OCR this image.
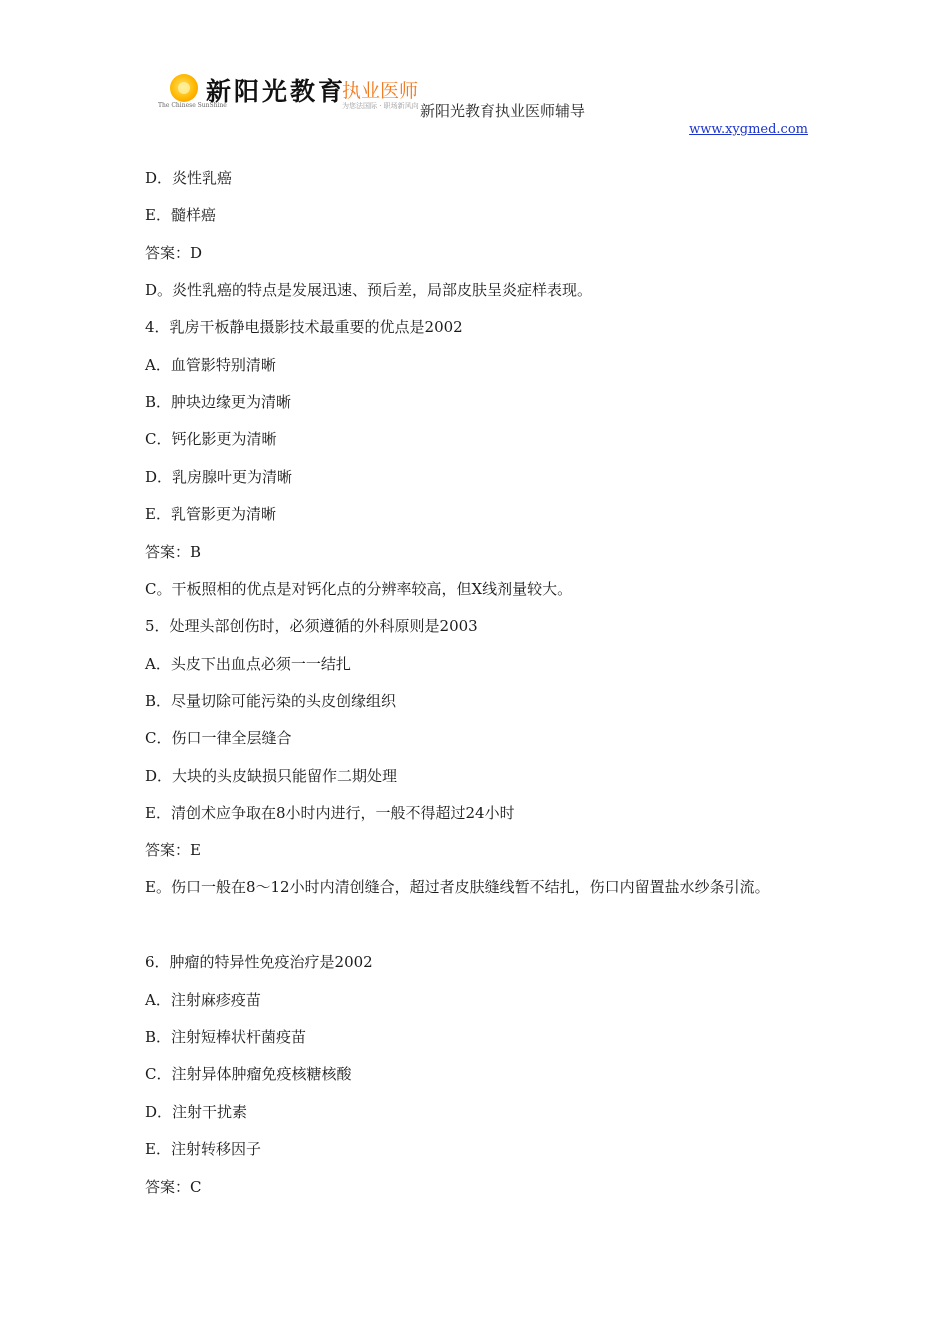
新阳光教育
The Chinese SunShine
执业医师
为您法国际 · 职场新风向 新阳光教育执业医师辅导
www.xygmed.com
D．炎性乳癌
E．髓样癌
答案：D
D。炎性乳癌的特点是发展迅速、预后差，局部皮肤呈炎症样表现。
4．乳房干板静电摄影技术最重要的优点是2002
A．血管影特别清晰
B．肿块边缘更为清晰
C．钙化影更为清晰
D．乳房腺叶更为清晰
E．乳管影更为清晰
答案：B
C。干板照相的优点是对钙化点的分辨率较高，但X线剂量较大。
5．处理头部创伤时，必须遵循的外科原则是2003
A．头皮下出血点必须一一结扎
B．尽量切除可能污染的头皮创缘组织
C．伤口一律全层缝合
D．大块的头皮缺损只能留作二期处理
E．清创术应争取在8小时内进行，一般不得超过24小时
答案：E
E。伤口一般在8～12小时内清创缝合，超过者皮肤缝线暂不结扎，伤口内留置盐水纱条引流。
6．肿瘤的特异性免疫治疗是2002
A．注射麻疹疫苗
B．注射短棒状杆菌疫苗
C．注射异体肿瘤免疫核糖核酸
D．注射干扰素
E．注射转移因子
答案：C
